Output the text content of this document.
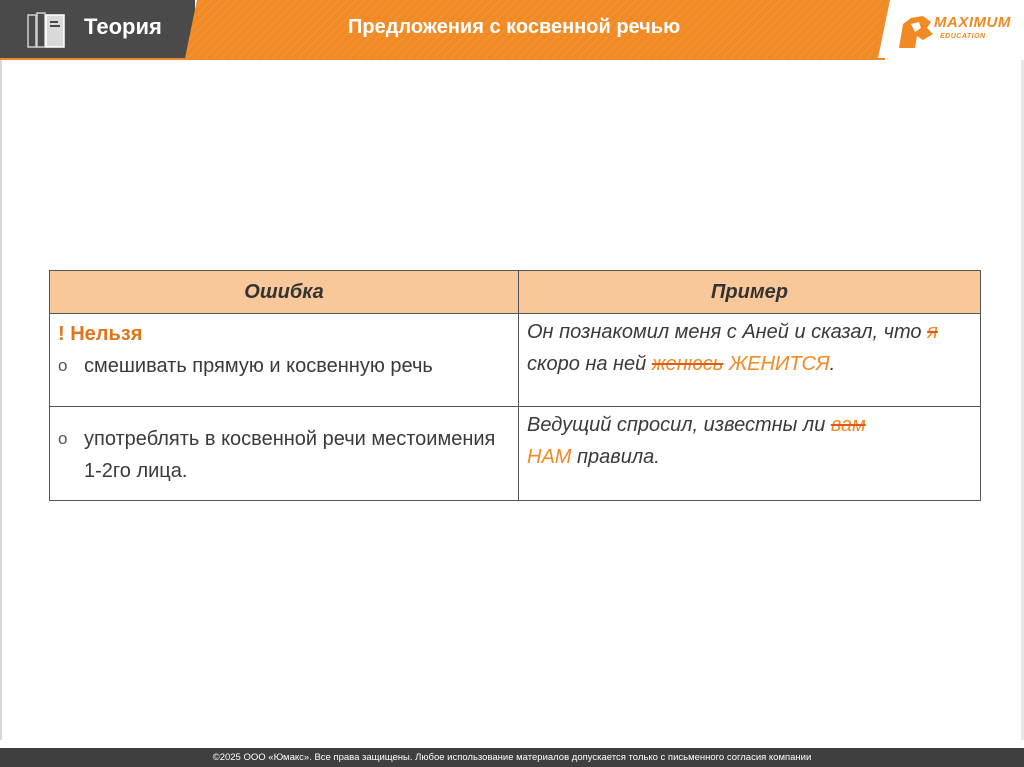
Теория	Предложения с косвенной речью	MAXIMUM
EDUCATION
Ошибка	Пример

! Нельзя
o смешивать прямую и косвенную речь	Он познакомил меня с Аней и сказал, что я скоро на ней женюсь ЖЕНИТСЯ.

o употреблять в косвенной речи местоимения 1-2го лица.	Ведущий спросил, известны ли вам
НАМ правила.
©2025 ООО «Юмакс». Все права защищены. Любое использование материалов допускается только с письменного согласия компании
